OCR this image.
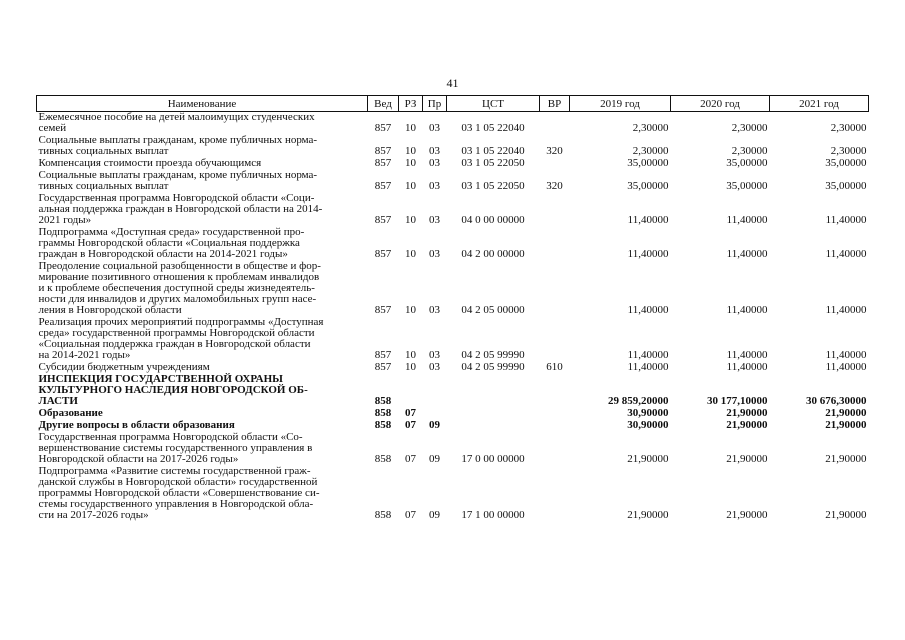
41
Наименование	Вед	РЗ	Пр	ЦСТ	ВР	2019 год	2020 год	2021 год

Ежемесячное пособие на детей малоимущих студенческих
семей	857	10	03	03 1 05 22040		2,30000	2,30000	2,30000

Социальные выплаты гражданам, кроме публичных норма-
тивных социальных выплат	857	10	03	03 1 05 22040	320	2,30000	2,30000	2,30000

Компенсация стоимости проезда обучающимся	857	10	03	03 1 05 22050		35,00000	35,00000	35,00000

Социальные выплаты гражданам, кроме публичных норма-
тивных социальных выплат	857	10	03	03 1 05 22050	320	35,00000	35,00000	35,00000

Государственная программа Новгородской области «Соци-
альная поддержка граждан в Новгородской области на 2014-
2021 годы»	857	10	03	04 0 00 00000		11,40000	11,40000	11,40000

Подпрограмма «Доступная среда» государственной про-
граммы Новгородской области «Социальная поддержка
граждан в Новгородской области на 2014-2021 годы»	857	10	03	04 2 00 00000		11,40000	11,40000	11,40000

Преодоление социальной разобщенности в обществе и фор-
мирование позитивного отношения к проблемам инвалидов
и к проблеме обеспечения доступной среды жизнедеятель-
ности для инвалидов и других маломобильных групп насе-
ления в Новгородской области	857	10	03	04 2 05 00000		11,40000	11,40000	11,40000

Реализация прочих мероприятий подпрограммы «Доступная
среда» государственной программы Новгородской области
«Социальная поддержка граждан в Новгородской области
на 2014-2021 годы»	857	10	03	04 2 05 99990		11,40000	11,40000	11,40000

Субсидии бюджетным учреждениям	857	10	03	04 2 05 99990	610	11,40000	11,40000	11,40000

ИНСПЕКЦИЯ ГОСУДАРСТВЕННОЙ ОХРАНЫ
КУЛЬТУРНОГО НАСЛЕДИЯ НОВГОРОДСКОЙ ОБ-
ЛАСТИ	858					29 859,20000	30 177,10000	30 676,30000

Образование	858	07				30,90000	21,90000	21,90000

Другие вопросы в области образования	858	07	09			30,90000	21,90000	21,90000

Государственная программа Новгородской области «Со-
вершенствование системы государственного управления в
Новгородской области на 2017-2026 годы»	858	07	09	17 0 00 00000		21,90000	21,90000	21,90000

Подпрограмма «Развитие системы государственной граж-
данской службы в Новгородской области» государственной
программы Новгородской области «Совершенствование си-
стемы государственного управления в Новгородской обла-
сти на 2017-2026 годы»	858	07	09	17 1 00 00000		21,90000	21,90000	21,90000
